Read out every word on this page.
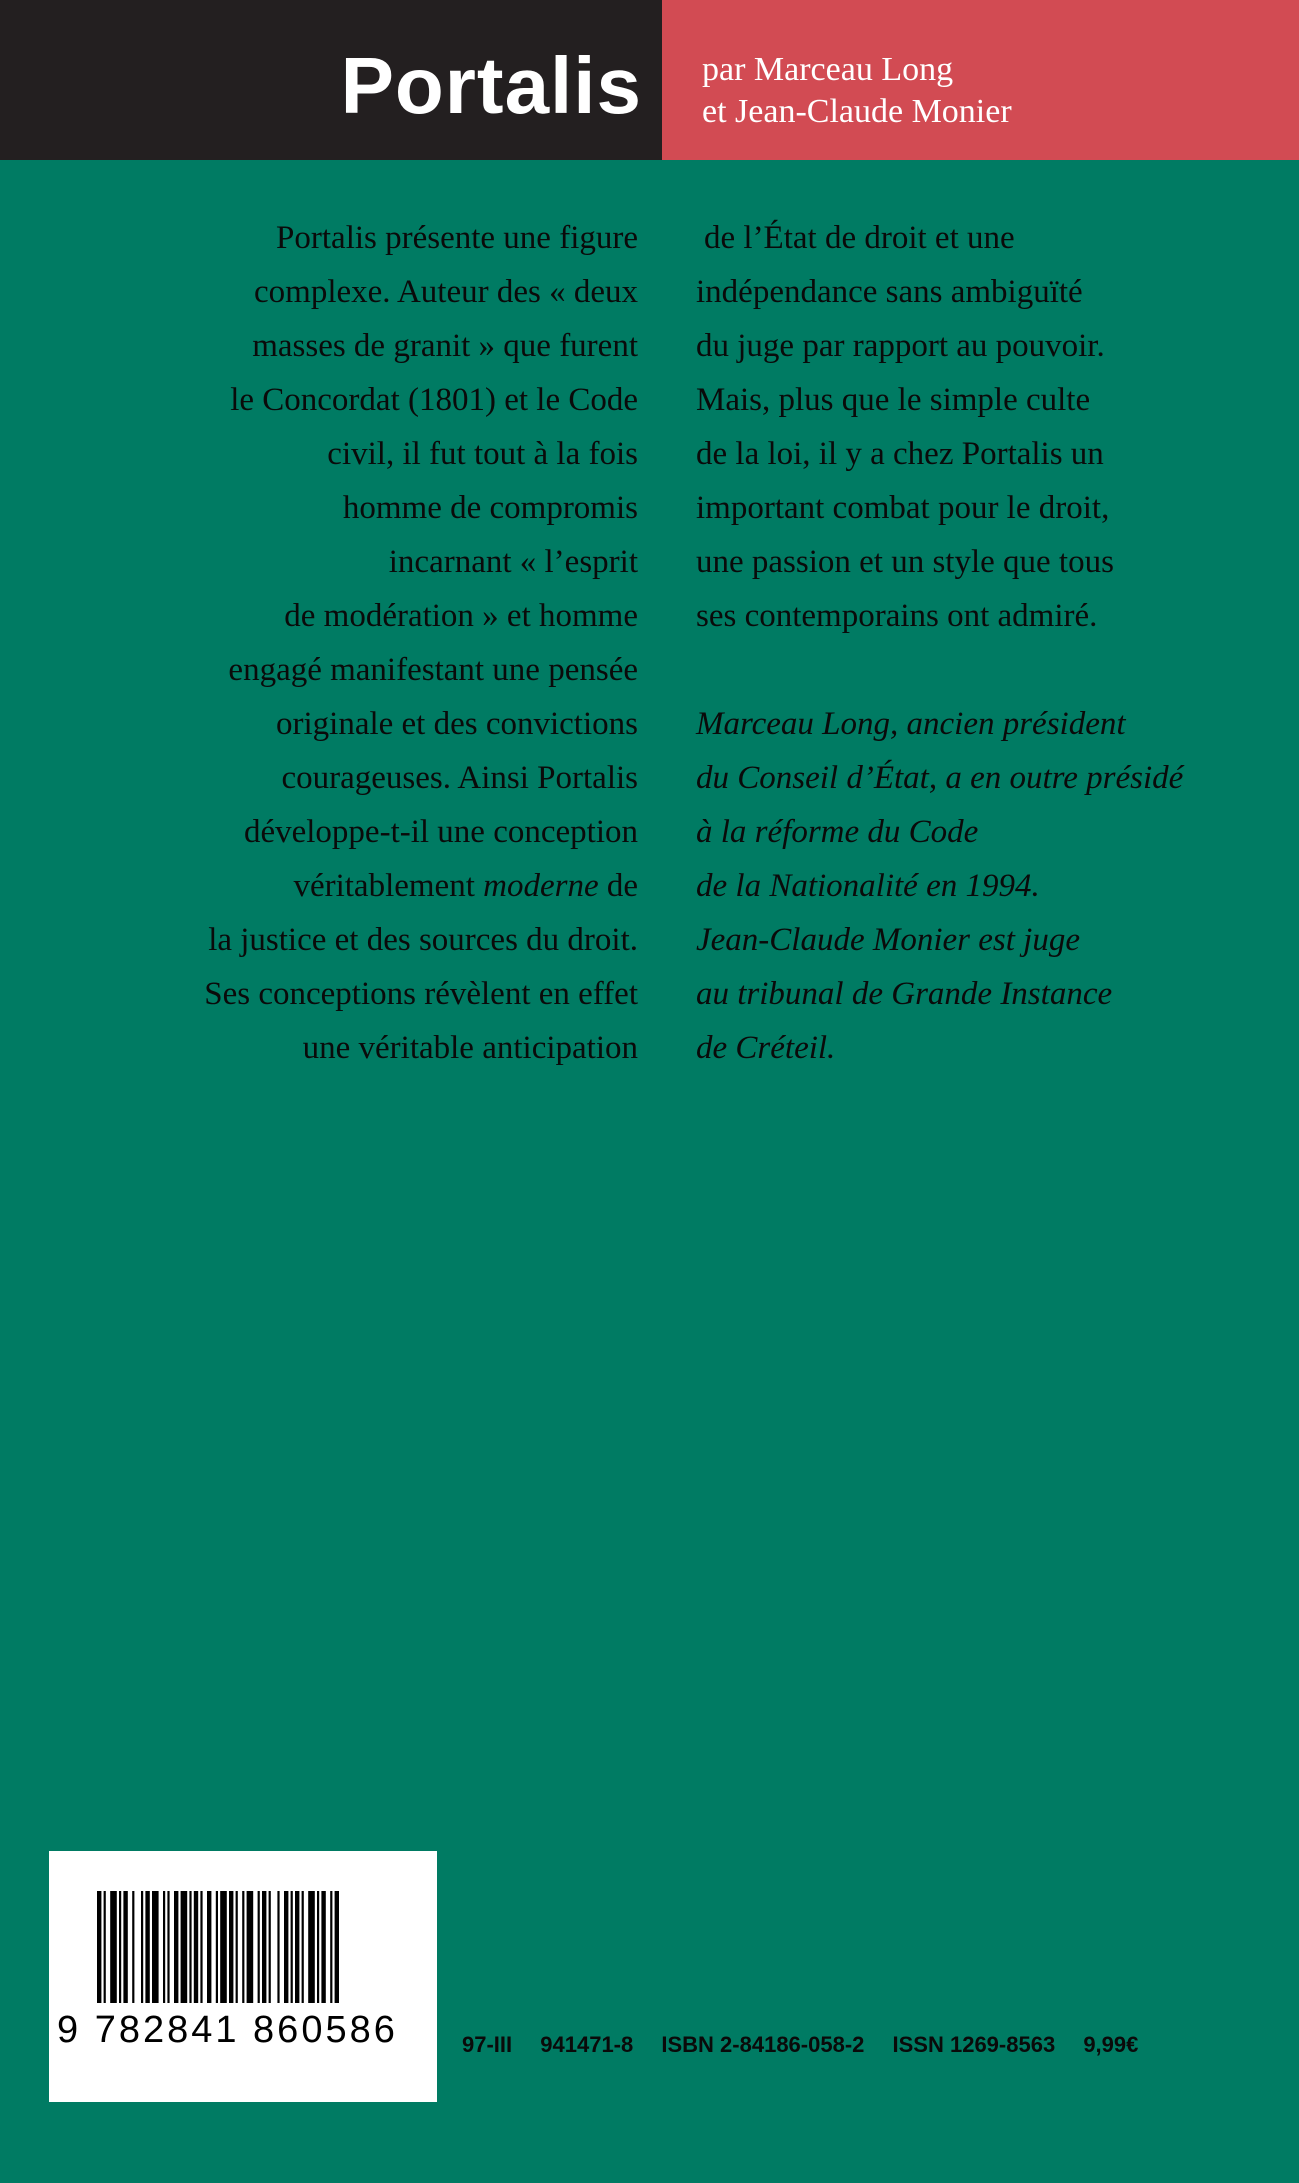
Portalis par Marceau Long
et Jean-Claude Monier
Portalis présente une figure
complexe. Auteur des « deux
masses de granit » que furent
le Concordat (1801) et le Code
civil, il fut tout à la fois
homme de compromis
incarnant « l’esprit
de modération » et homme
engagé manifestant une pensée
originale et des convictions
courageuses. Ainsi Portalis
développe-t-il une conception
véritablement moderne de
la justice et des sources du droit.
Ses conceptions révèlent en effet
une véritable anticipation
de l’État de droit et une
indépendance sans ambiguïté
du juge par rapport au pouvoir.
Mais, plus que le simple culte
de la loi, il y a chez Portalis un
important combat pour le droit,
une passion et un style que tous
ses contemporains ont admiré.
Marceau Long, ancien président
du Conseil d’État, a en outre présidé
à la réforme du Code
de la Nationalité en 1994.
Jean-Claude Monier est juge
au tribunal de Grande Instance
de Créteil.
9 782841 860586	97-III 941471-8 ISBN 2-84186-058-2 ISSN 1269-8563 9,99€
